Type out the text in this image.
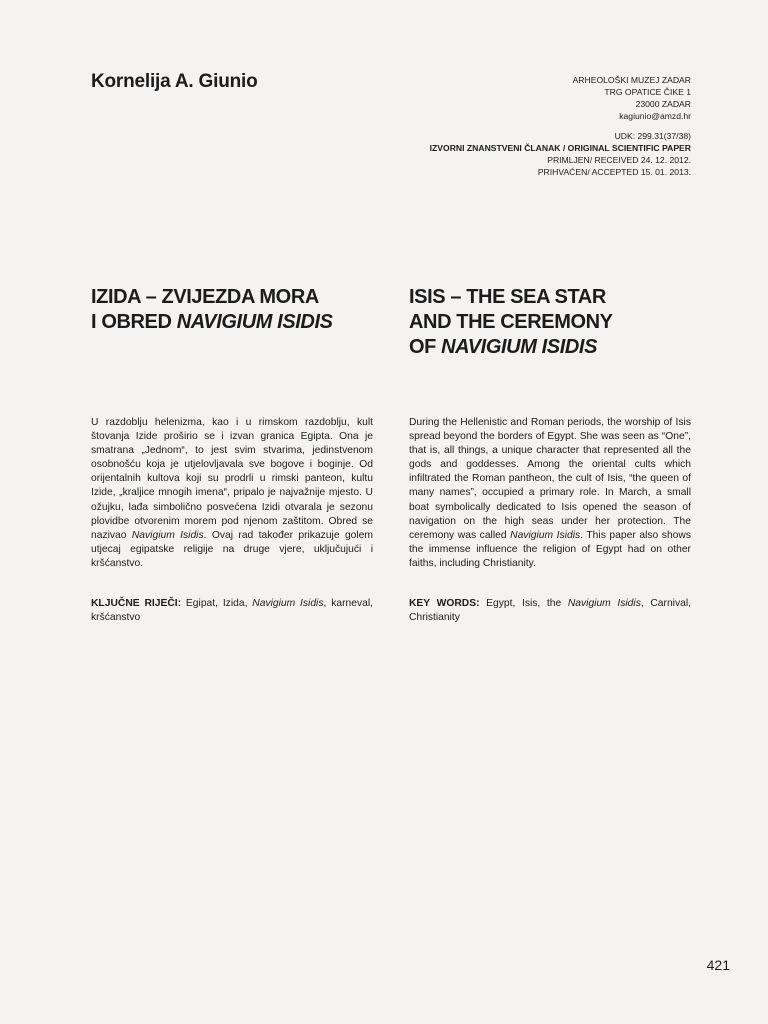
Kornelija A. Giunio	ARHEOLOŠKI MUZEJ ZADAR
TRG OPATICE ČIKE 1
23000 ZADAR
kagiunio@amzd.hr
UDK: 299.31(37/38)
IZVORNI ZNANSTVENI ČLANAK / ORIGINAL SCIENTIFIC PAPER
PRIMLJEN/ RECEIVED 24. 12. 2012.
PRIHVAĆEN/ ACCEPTED 15. 01. 2013.
IZIDA – ZVIJEZDA MORA
I OBRED NAVIGIUM ISIDIS
ISIS – THE SEA STAR
AND THE CEREMONY
OF NAVIGIUM ISIDIS

U razdoblju helenizma, kao i u rimskom razdoblju, kult štovanja Izide proširio se i izvan granica Egipta. Ona je smatrana „Jednom“, to jest svim stvarima, jedinstvenom osobnošću koja je utjelovljavala sve bogove i boginje. Od orijentalnih kultova koji su prodrli u rimski panteon, kultu Izide, „kraljice mnogih imena“, pripalo je najvažnije mjesto. U ožujku, lađa simbolično posvećena Izidi otvarala je sezonu plovidbe otvorenim morem pod njenom zaštitom. Obred se nazivao Navigium Isidis. Ovaj rad također prikazuje golem utjecaj egipatske religije na druge vjere, uključujući i kršćanstvo.

During the Hellenistic and Roman periods, the worship of Isis spread beyond the borders of Egypt. She was seen as “One”, that is, all things, a unique character that represented all the gods and goddesses. Among the oriental cults which infiltrated the Roman pantheon, the cult of Isis, “the queen of many names”, occupied a primary role. In March, a small boat symbolically dedicated to Isis opened the season of navigation on the high seas under her protection. The ceremony was called Navigium Isidis. This paper also shows the immense influence the religion of Egypt had on other faiths, including Christianity.

KLJUČNE RIJEČI: Egipat, Izida, Navigium Isidis, karneval, kršćanstvo

KEY WORDS: Egypt, Isis, the Navigium Isidis, Carnival, Christianity

421
